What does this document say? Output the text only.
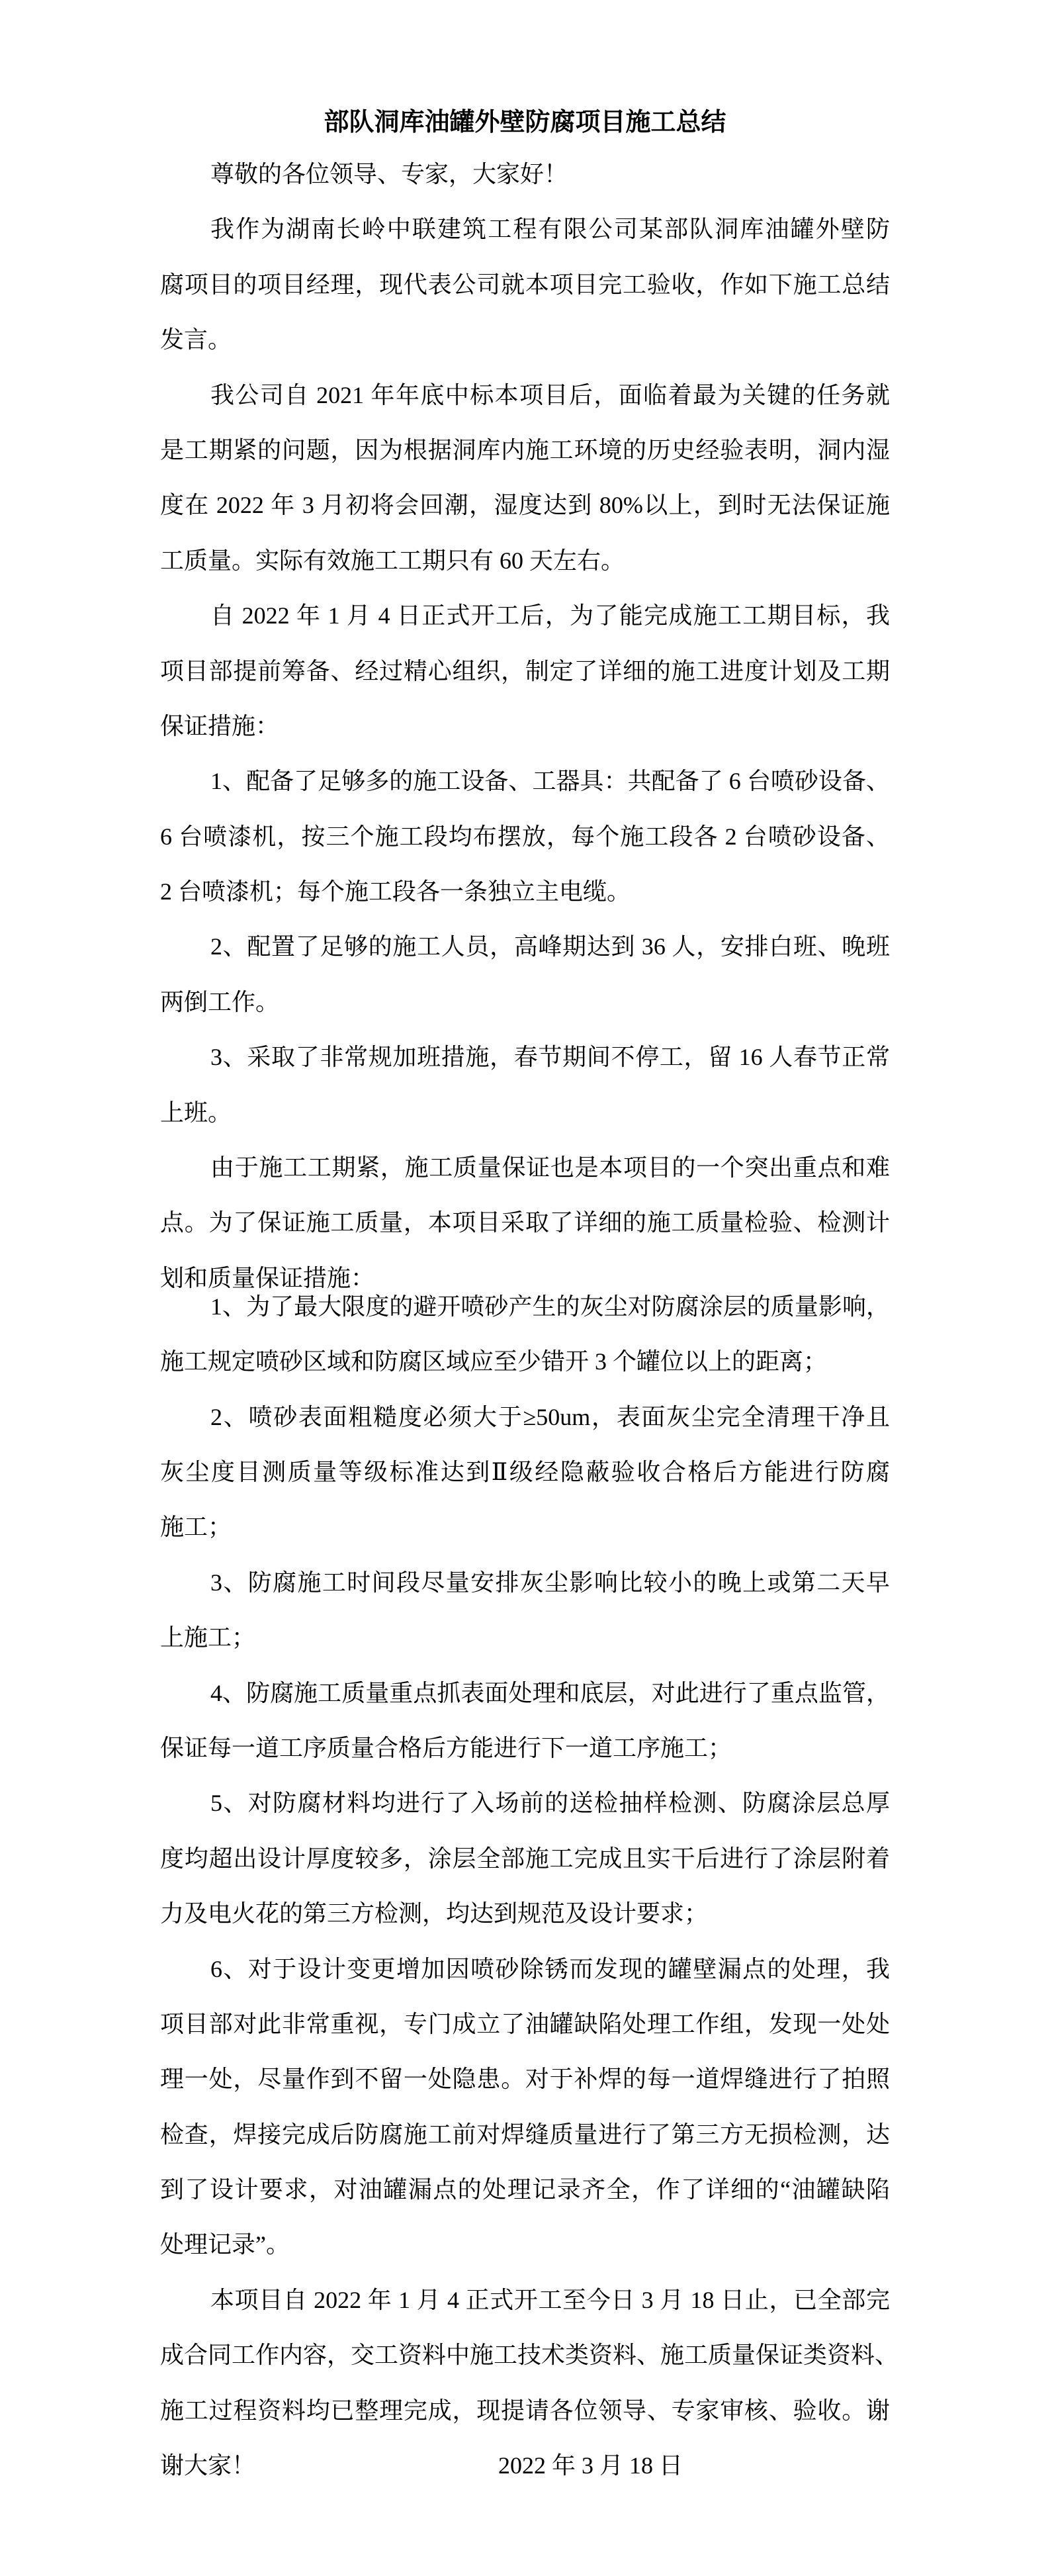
部队洞库油罐外壁防腐项目施工总结
尊敬的各位领导、专家，大家好！
我作为湖南长岭中联建筑工程有限公司某部队洞库油罐外壁防
腐项目的项目经理，现代表公司就本项目完工验收，作如下施工总结
发言。
我公司自 2021 年年底中标本项目后，面临着最为关键的任务就
是工期紧的问题，因为根据洞库内施工环境的历史经验表明，洞内湿
度在 2022 年 3 月初将会回潮，湿度达到 80%以上，到时无法保证施
工质量。实际有效施工工期只有 60 天左右。
自 2022 年 1 月 4 日正式开工后，为了能完成施工工期目标，我
项目部提前筹备、经过精心组织，制定了详细的施工进度计划及工期
保证措施：
1、配备了足够多的施工设备、工器具：共配备了 6 台喷砂设备、
6 台喷漆机，按三个施工段均布摆放，每个施工段各 2 台喷砂设备、
2 台喷漆机；每个施工段各一条独立主电缆。
2、配置了足够的施工人员，高峰期达到 36 人，安排白班、晚班
两倒工作。
3、采取了非常规加班措施，春节期间不停工，留 16 人春节正常
上班。
由于施工工期紧，施工质量保证也是本项目的一个突出重点和难
点。为了保证施工质量，本项目采取了详细的施工质量检验、检测计
划和质量保证措施：
1、为了最大限度的避开喷砂产生的灰尘对防腐涂层的质量影响，
施工规定喷砂区域和防腐区域应至少错开 3 个罐位以上的距离；
2、喷砂表面粗糙度必须大于≥50um，表面灰尘完全清理干净且
灰尘度目测质量等级标准达到Ⅱ级经隐蔽验收合格后方能进行防腐
施工；
3、防腐施工时间段尽量安排灰尘影响比较小的晚上或第二天早
上施工；
4、防腐施工质量重点抓表面处理和底层，对此进行了重点监管，
保证每一道工序质量合格后方能进行下一道工序施工；
5、对防腐材料均进行了入场前的送检抽样检测、防腐涂层总厚
度均超出设计厚度较多，涂层全部施工完成且实干后进行了涂层附着
力及电火花的第三方检测，均达到规范及设计要求；
6、对于设计变更增加因喷砂除锈而发现的罐壁漏点的处理，我
项目部对此非常重视，专门成立了油罐缺陷处理工作组，发现一处处
理一处，尽量作到不留一处隐患。对于补焊的每一道焊缝进行了拍照
检查，焊接完成后防腐施工前对焊缝质量进行了第三方无损检测，达
到了设计要求，对油罐漏点的处理记录齐全，作了详细的“油罐缺陷
处理记录”。
本项目自 2022 年 1 月 4 正式开工至今日 3 月 18 日止，已全部完
成合同工作内容，交工资料中施工技术类资料、施工质量保证类资料、
施工过程资料均已整理完成，现提请各位领导、专家审核、验收。谢
谢大家！	2022 年 3 月 18 日
